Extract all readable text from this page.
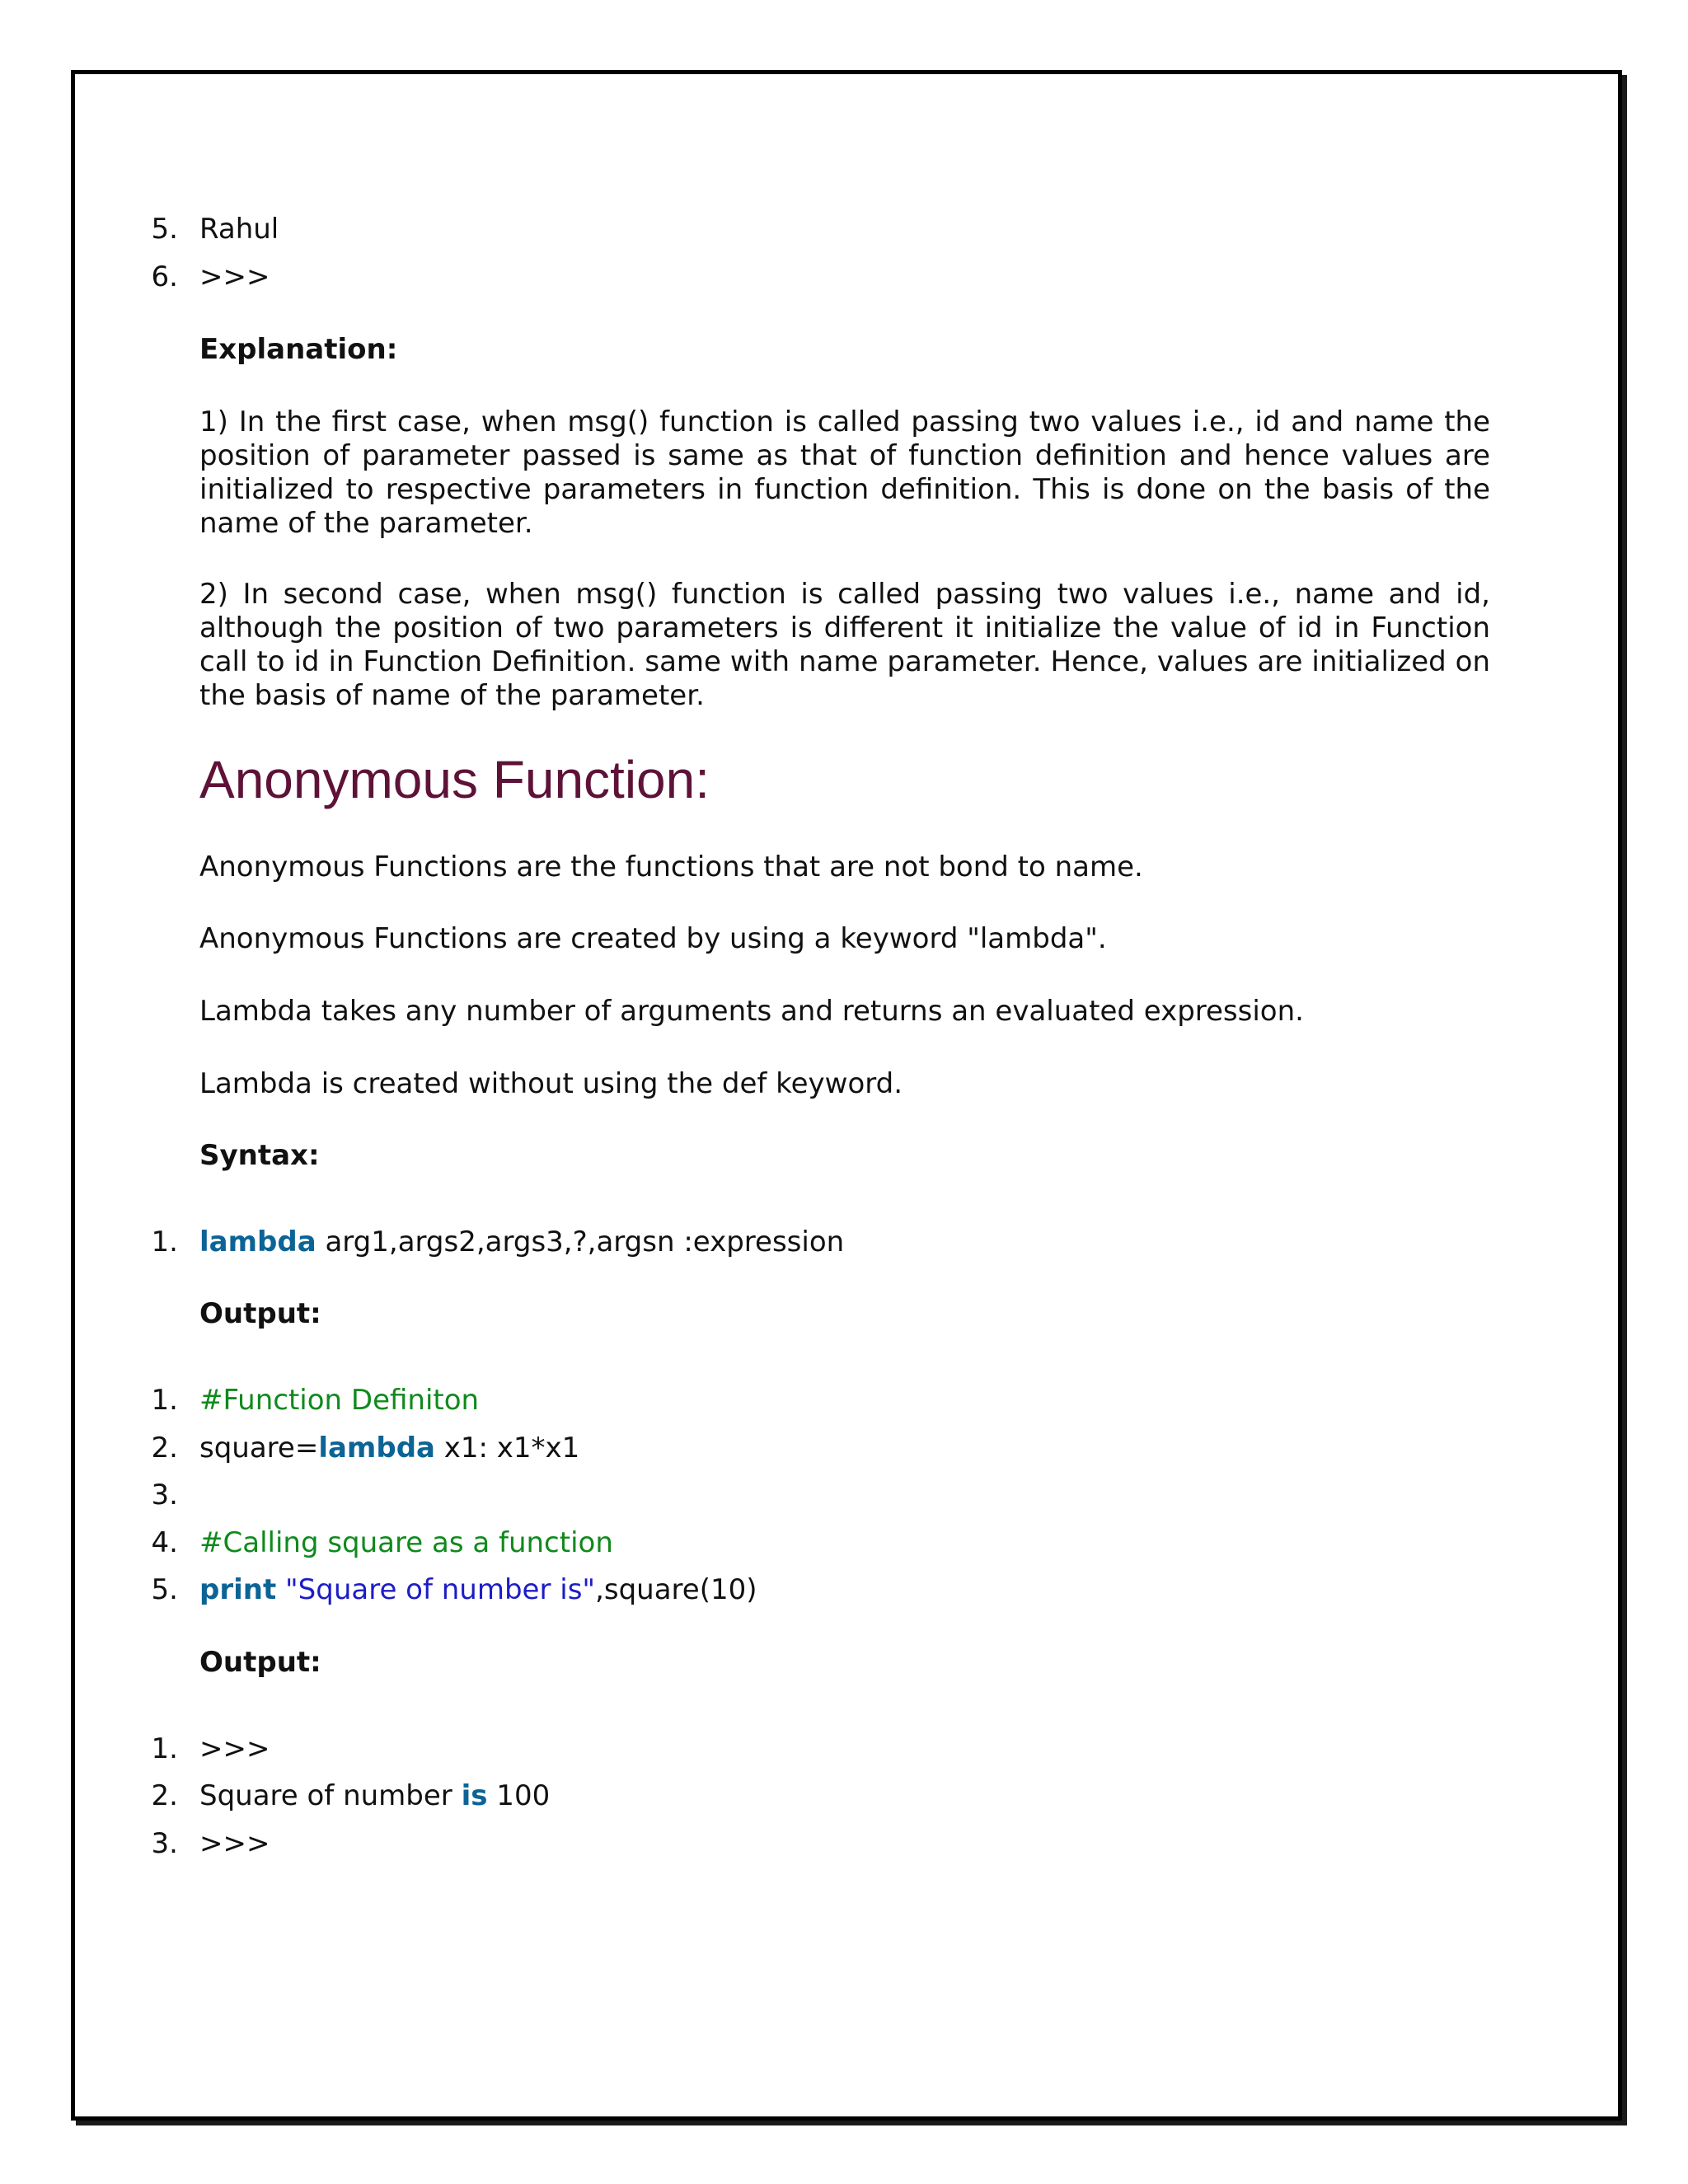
5. Rahul
6. >>>
Explanation:
1) In the first case, when msg() function is called passing two values i.e., id and name the position of parameter passed is same as that of function definition and hence values are initialized to respective parameters in function definition. This is done on the basis of the name of the parameter.
2) In second case, when msg() function is called passing two values i.e., name and id, although the position of two parameters is different it initialize the value of id in Function call to id in Function Definition. same with name parameter. Hence, values are initialized on the basis of name of the parameter.
Anonymous Function:
Anonymous Functions are the functions that are not bond to name.
Anonymous Functions are created by using a keyword "lambda".
Lambda takes any number of arguments and returns an evaluated expression.
Lambda is created without using the def keyword.
Syntax:
1. lambda arg1,args2,args3,?,argsn :expression
Output:
1. #Function Definiton
2. square=lambda x1: x1*x1
3.
4. #Calling square as a function
5. print "Square of number is",square(10)
Output:
1. >>>
2. Square of number is 100
3. >>>
